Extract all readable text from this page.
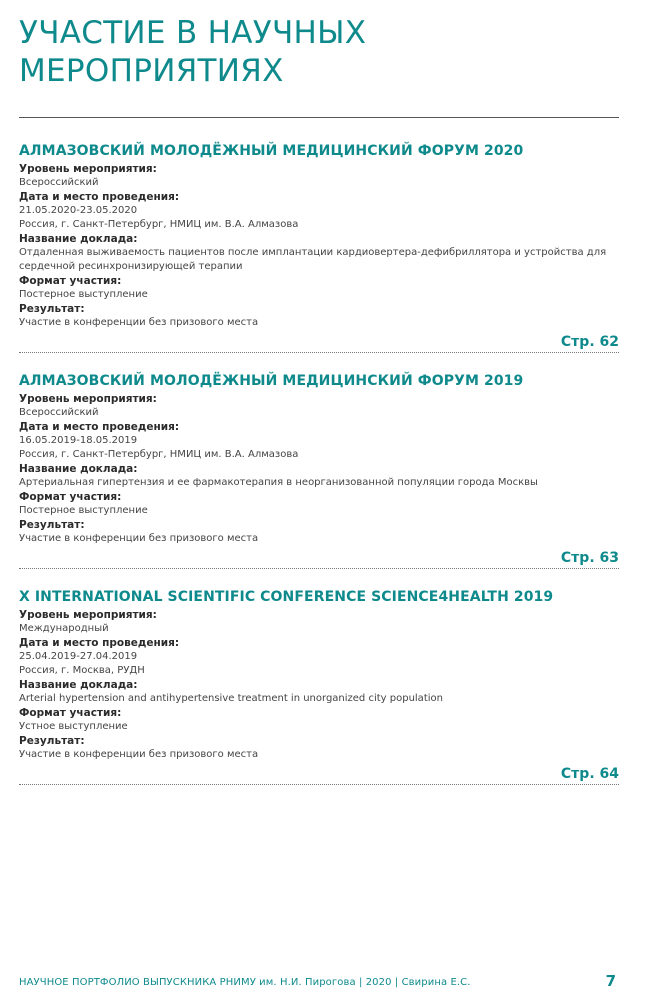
УЧАСТИЕ В НАУЧНЫХ
МЕРОПРИЯТИЯХ
АЛМАЗОВСКИЙ МОЛОДЁЖНЫЙ МЕДИЦИНСКИЙ ФОРУМ 2020
Уровень мероприятия:
Всероссийский
Дата и место проведения:
21.05.2020-23.05.2020
Россия, г. Санкт-Петербург, НМИЦ им. В.А. Алмазова
Название доклада:
Отдаленная выживаемость пациентов после имплантации кардиовертера-дефибриллятора и устройства для сердечной ресинхронизирующей терапии
Формат участия:
Постерное выступление
Результат:
Участие в конференции без призового места
Стр. 62
АЛМАЗОВСКИЙ МОЛОДЁЖНЫЙ МЕДИЦИНСКИЙ ФОРУМ 2019
Уровень мероприятия:
Всероссийский
Дата и место проведения:
16.05.2019-18.05.2019
Россия, г. Санкт-Петербург, НМИЦ им. В.А. Алмазова
Название доклада:
Артериальная гипертензия и ее фармакотерапия в неорганизованной популяции города Москвы
Формат участия:
Постерное выступление
Результат:
Участие в конференции без призового места
Стр. 63
X INTERNATIONAL SCIENTIFIC CONFERENCE SCIENCE4HEALTH 2019
Уровень мероприятия:
Международный
Дата и место проведения:
25.04.2019-27.04.2019
Россия, г. Москва, РУДН
Название доклада:
Arterial hypertension and antihypertensive treatment in unorganized city population
Формат участия:
Устное выступление
Результат:
Участие в конференции без призового места
Стр. 64
НАУЧНОЕ ПОРТФОЛИО ВЫПУСКНИКА РНИМУ им. Н.И. Пирогова | 2020 | Свирина Е.С.	7
